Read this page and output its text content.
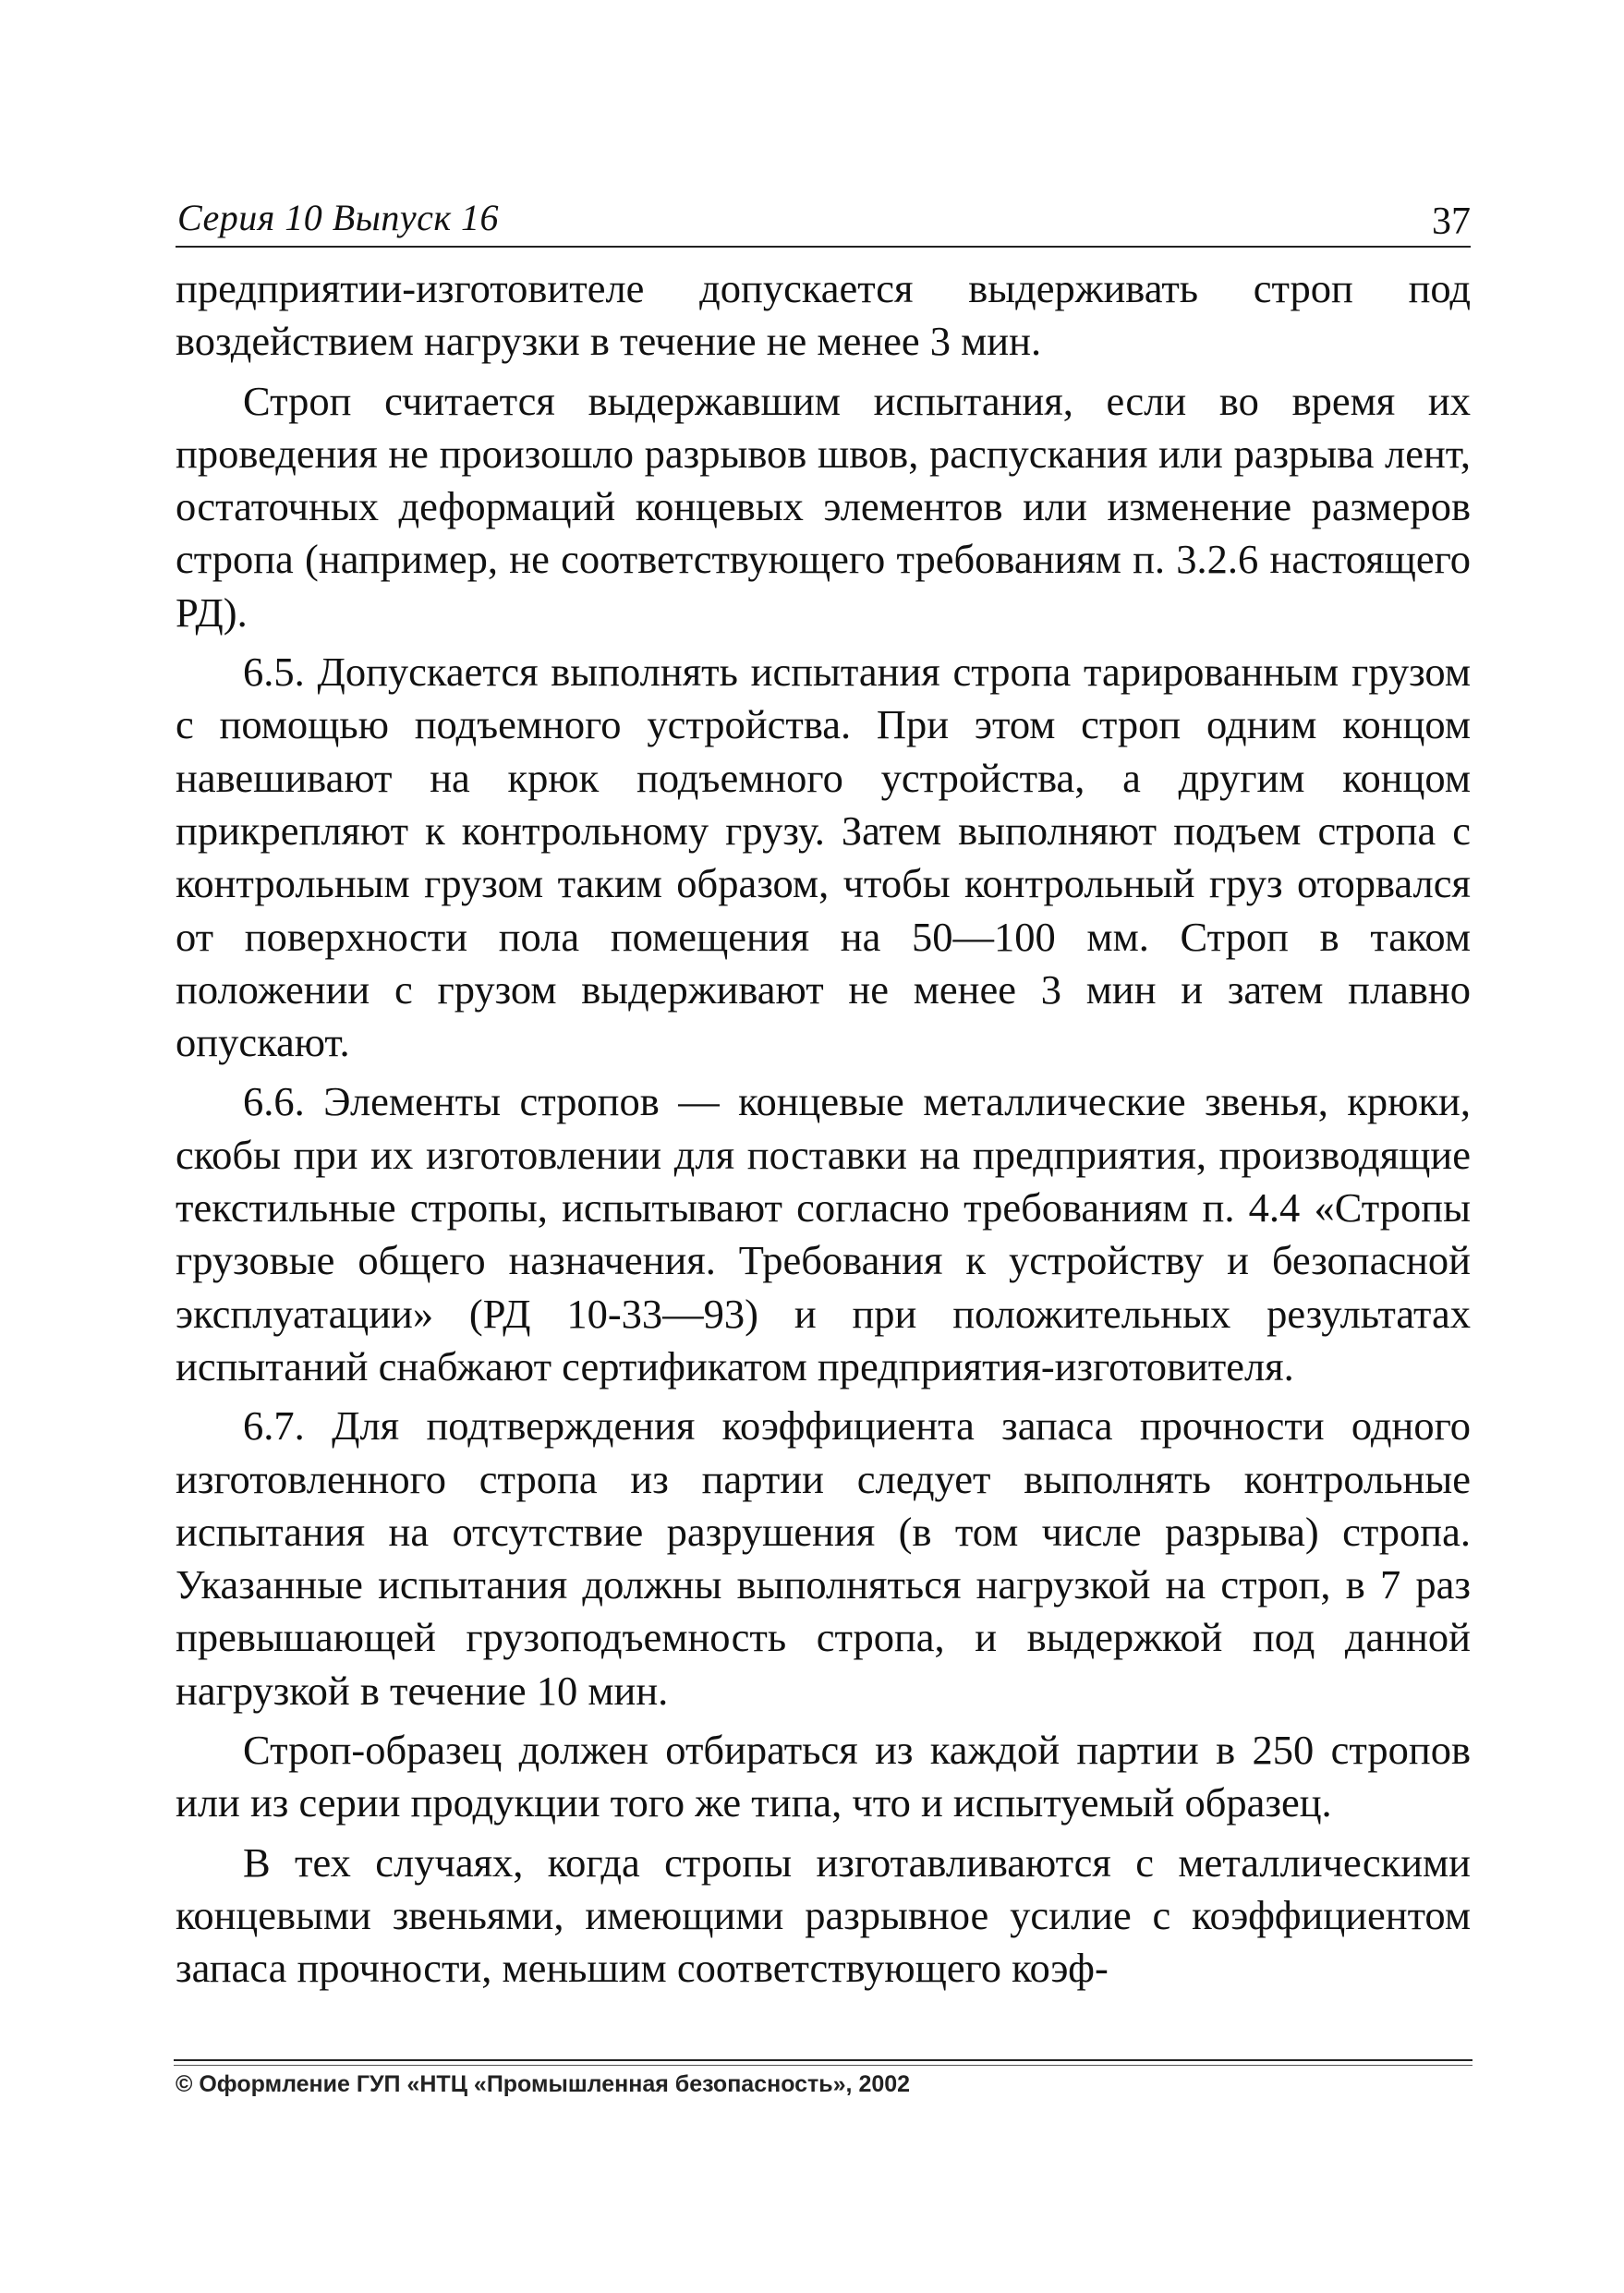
Серия 10 Выпуск 16	37

предприятии-изготовителе допускается выдерживать строп под воздействием нагрузки в течение не менее 3 мин.

Строп считается выдержавшим испытания, если во время их проведения не произошло разрывов швов, распускания или разрыва лент, остаточных деформаций концевых элементов или изменение размеров стропа (например, не соответствующего требованиям п. 3.2.6 настоящего РД).

6.5. Допускается выполнять испытания стропа тарированным грузом с помощью подъемного устройства. При этом строп одним концом навешивают на крюк подъемного устройства, а другим концом прикрепляют к контрольному грузу. Затем выполняют подъем стропа с контрольным грузом таким образом, чтобы контрольный груз оторвался от поверхности пола помещения на 50—100 мм. Строп в таком положении с грузом выдерживают не менее 3 мин и затем плавно опускают.

6.6. Элементы стропов — концевые металлические звенья, крюки, скобы при их изготовлении для поставки на предприятия, производящие текстильные стропы, испытывают согласно требованиям п. 4.4 «Стропы грузовые общего назначения. Требования к устройству и безопасной эксплуатации» (РД 10-33—93) и при положительных результатах испытаний снабжают сертификатом предприятия-изготовителя.

6.7. Для подтверждения коэффициента запаса прочности одного изготовленного стропа из партии следует выполнять контрольные испытания на отсутствие разрушения (в том числе разрыва) стропа. Указанные испытания должны выполняться нагрузкой на строп, в 7 раз превышающей грузоподъемность стропа, и выдержкой под данной нагрузкой в течение 10 мин.

Строп-образец должен отбираться из каждой партии в 250 стропов или из серии продукции того же типа, что и испытуемый образец.

В тех случаях, когда стропы изготавливаются с металлическими концевыми звеньями, имеющими разрывное усилие с коэффициентом запаса прочности, меньшим соответствующего коэф-

© Оформление ГУП «НТЦ «Промышленная безопасность», 2002
